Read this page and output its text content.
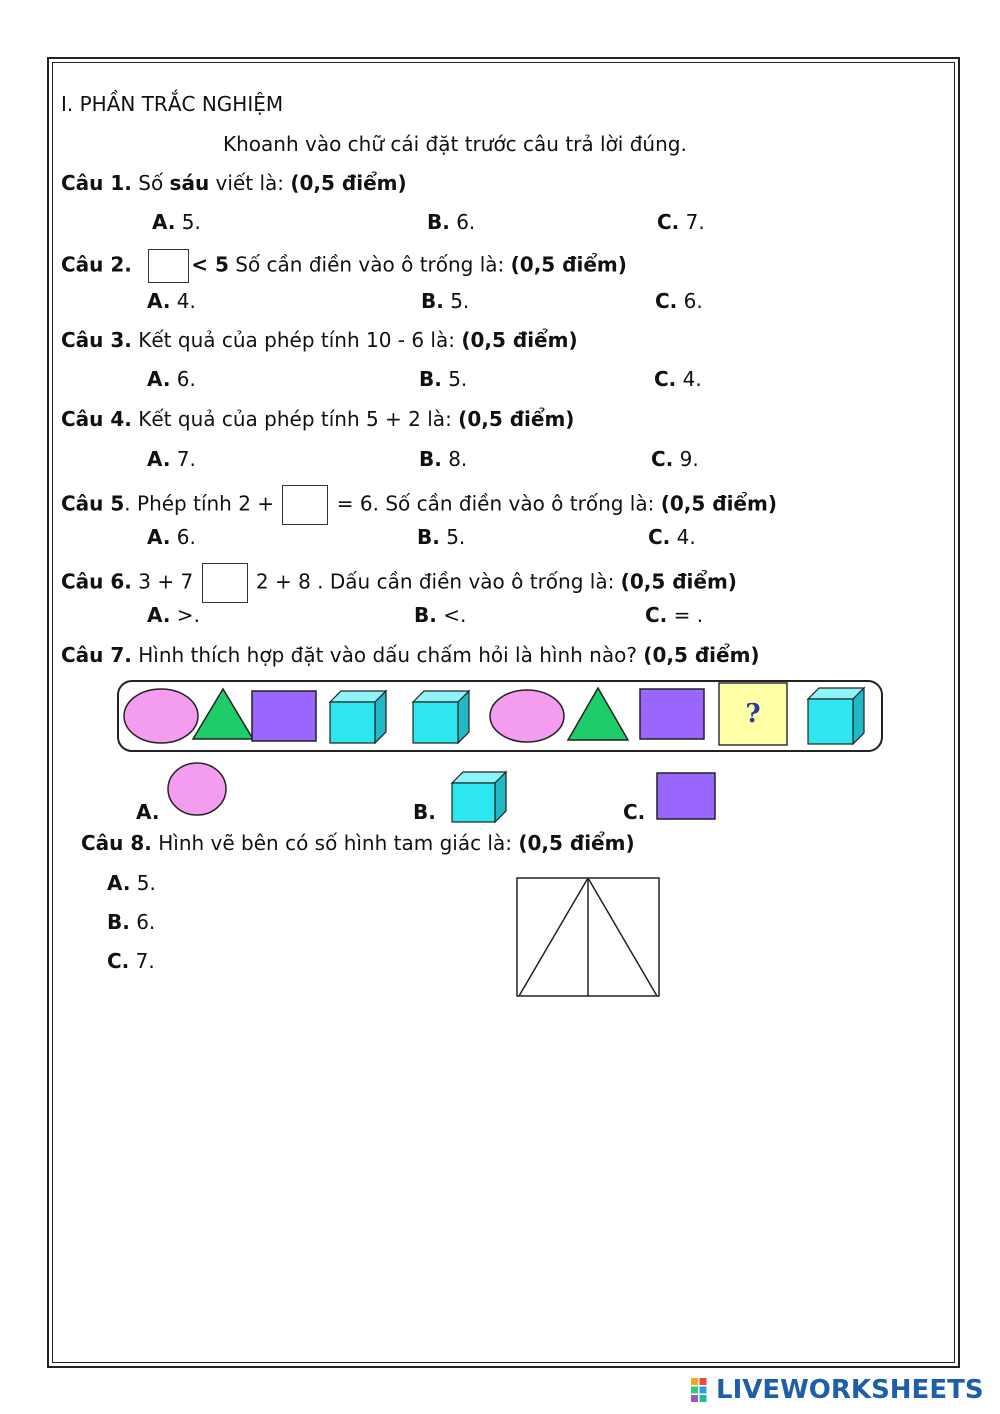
I. PHẦN TRẮC NGHIỆM
Khoanh vào chữ cái đặt trước câu trả lời đúng.
Câu 1. Số sáu viết là: (0,5 điểm)
A. 5.	B. 6.	C. 7.
Câu 2.	< 5 Số cần điền vào ô trống là: (0,5 điểm)
A. 4.	B. 5.	C. 6.
Câu 3. Kết quả của phép tính 10 - 6 là: (0,5 điểm)
A. 6.	B. 5.	C. 4.
Câu 4. Kết quả của phép tính 5 + 2 là: (0,5 điểm)
A. 7.	B. 8.	C. 9.
Câu 5. Phép tính 2 +	= 6. Số cần điền vào ô trống là: (0,5 điểm)
A. 6.	B. 5.	C. 4.
Câu 6. 3 + 7	2 + 8 . Dấu cần điền vào ô trống là: (0,5 điểm)
A. >.	B. <.	C. = .
Câu 7. Hình thích hợp đặt vào dấu chấm hỏi là hình nào? (0,5 điểm)
?
A.	B.	C.
Câu 8. Hình vẽ bên có số hình tam giác là: (0,5 điểm)
A. 5.
B. 6.
C. 7.
LIVEWORKSHEETS
